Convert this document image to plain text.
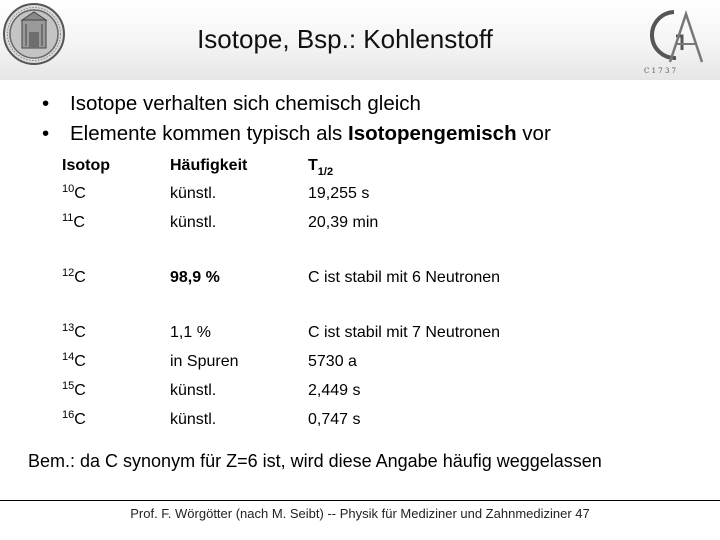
Isotope, Bsp.: Kohlenstoff
C 1 7 3 7
• Isotope verhalten sich chemisch gleich
• Elemente kommen typisch als Isotopengemisch vor
Isotop	Häufigkeit	$T_{1/2}$
$^{10}$C	künstl.	19,255 s
$^{11}$C	künstl.	20,39 min
$^{12}$C	98,9 %	C ist stabil mit 6 Neutronen
$^{13}$C	1,1 %	C ist stabil mit 7 Neutronen
$^{14}$C	in Spuren	5730 a
$^{15}$C	künstl.	2,449 s
$^{16}$C	künstl.	0,747 s
Bem.: da C synonym für Z=6 ist, wird diese Angabe häufig weggelassen
Prof. F. Wörgötter (nach M. Seibt) -- Physik für Mediziner und Zahnmediziner 47
